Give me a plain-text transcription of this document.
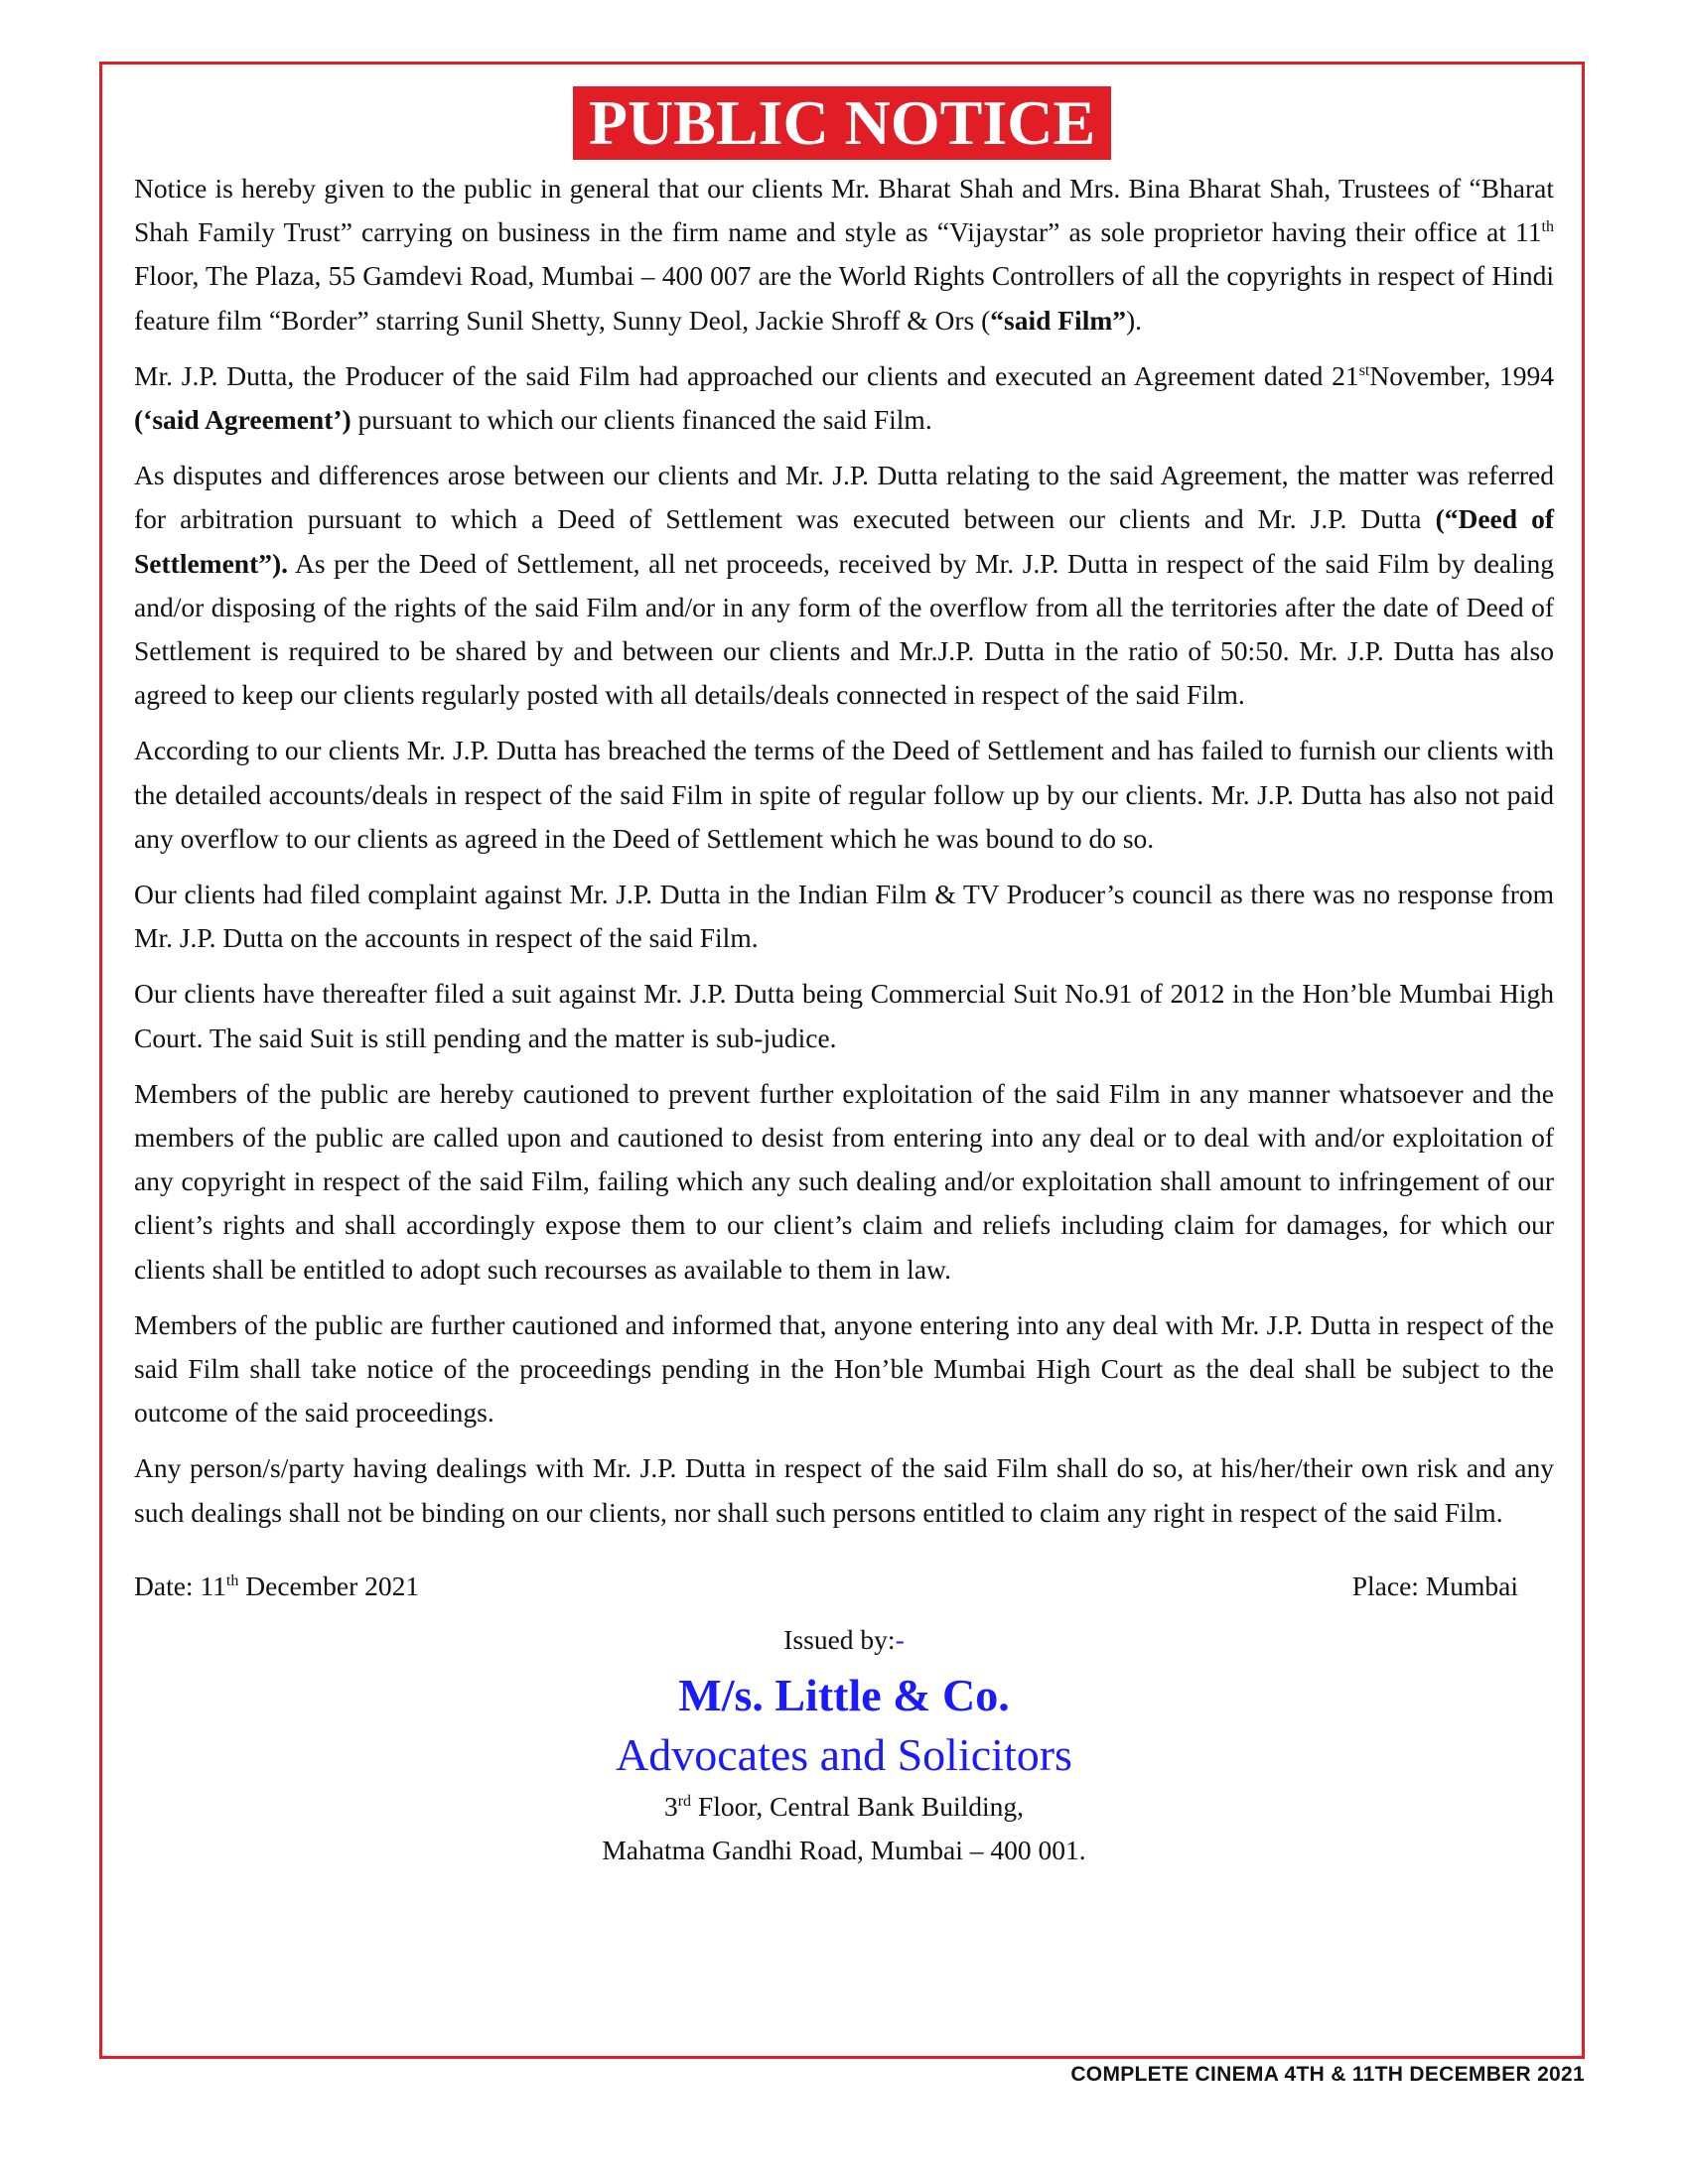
PUBLIC NOTICE

Notice is hereby given to the public in general that our clients Mr. Bharat Shah and Mrs. Bina Bharat Shah, Trustees of “Bharat Shah Family Trust” carrying on business in the firm name and style as “Vijaystar” as sole proprietor having their office at 11th Floor, The Plaza, 55 Gamdevi Road, Mumbai – 400 007 are the World Rights Controllers of all the copyrights in respect of Hindi feature film “Border” starring Sunil Shetty, Sunny Deol, Jackie Shroff & Ors (“said Film”).

Mr. J.P. Dutta, the Producer of the said Film had approached our clients and executed an Agreement dated 21stNovember, 1994 (‘said Agreement’) pursuant to which our clients financed the said Film.

As disputes and differences arose between our clients and Mr. J.P. Dutta relating to the said Agreement, the matter was referred for arbitration pursuant to which a Deed of Settlement was executed between our clients and Mr. J.P. Dutta (“Deed of Settlement”). As per the Deed of Settlement, all net proceeds, received by Mr. J.P. Dutta in respect of the said Film by dealing and/or disposing of the rights of the said Film and/or in any form of the overflow from all the territories after the date of Deed of Settlement is required to be shared by and between our clients and Mr.J.P. Dutta in the ratio of 50:50. Mr. J.P. Dutta has also agreed to keep our clients regularly posted with all details/deals connected in respect of the said Film.

According to our clients Mr. J.P. Dutta has breached the terms of the Deed of Settlement and has failed to furnish our clients with the detailed accounts/deals in respect of the said Film in spite of regular follow up by our clients. Mr. J.P. Dutta has also not paid any overflow to our clients as agreed in the Deed of Settlement which he was bound to do so.

Our clients had filed complaint against Mr. J.P. Dutta in the Indian Film & TV Producer’s council as there was no response from Mr. J.P. Dutta on the accounts in respect of the said Film.

Our clients have thereafter filed a suit against Mr. J.P. Dutta being Commercial Suit No.91 of 2012 in the Hon’ble Mumbai High Court. The said Suit is still pending and the matter is sub-judice.

Members of the public are hereby cautioned to prevent further exploitation of the said Film in any manner whatsoever and the members of the public are called upon and cautioned to desist from entering into any deal or to deal with and/or exploitation of any copyright in respect of the said Film, failing which any such dealing and/or exploitation shall amount to infringement of our client’s rights and shall accordingly expose them to our client’s claim and reliefs including claim for damages, for which our clients shall be entitled to adopt such recourses as available to them in law.

Members of the public are further cautioned and informed that, anyone entering into any deal with Mr. J.P. Dutta in respect of the said Film shall take notice of the proceedings pending in the Hon’ble Mumbai High Court as the deal shall be subject to the outcome of the said proceedings.

Any person/s/party having dealings with Mr. J.P. Dutta in respect of the said Film shall do so, at his/her/their own risk and any such dealings shall not be binding on our clients, nor shall such persons entitled to claim any right in respect of the said Film.

Date: 11th December 2021	Place: Mumbai
Issued by:-
M/s. Little & Co.
Advocates and Solicitors
3rd Floor, Central Bank Building,
Mahatma Gandhi Road, Mumbai – 400 001.
COMPLETE CINEMA 4TH & 11TH DECEMBER 2021
